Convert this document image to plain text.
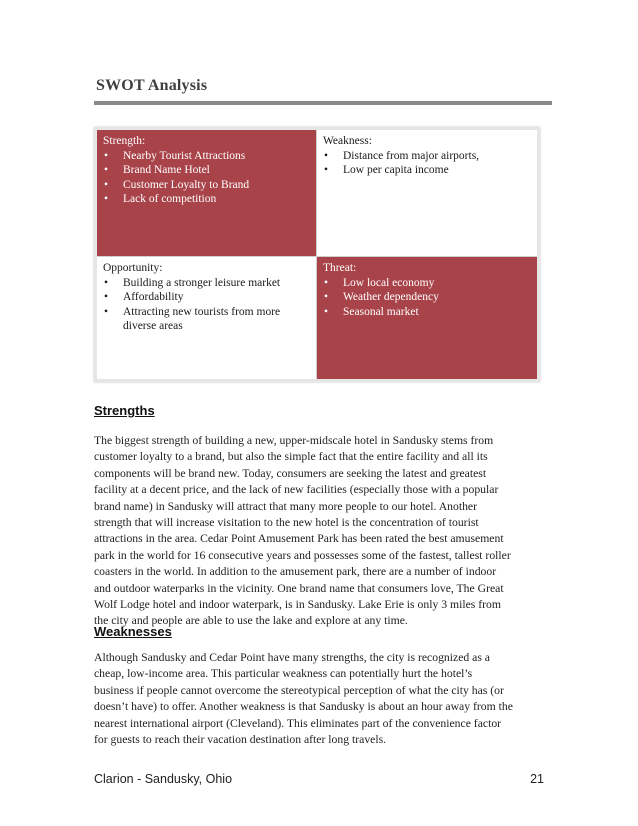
SWOT Analysis
Strength:
• Nearby Tourist Attractions
• Brand Name Hotel
• Customer Loyalty to Brand
• Lack of competition
Weakness:
• Distance from major airports,
• Low per capita income
Opportunity:
• Building a stronger leisure market
• Affordability
• Attracting new tourists from more diverse areas
Threat:
• Low local economy
• Weather dependency
• Seasonal market
Strengths

The biggest strength of building a new, upper-midscale hotel in Sandusky stems from

customer loyalty to a brand, but also the simple fact that the entire facility and all its

components will be brand new. Today, consumers are seeking the latest and greatest

facility at a decent price, and the lack of new facilities (especially those with a popular

brand name) in Sandusky will attract that many more people to our hotel. Another

strength that will increase visitation to the new hotel is the concentration of tourist

attractions in the area. Cedar Point Amusement Park has been rated the best amusement

park in the world for 16 consecutive years and possesses some of the fastest, tallest roller

coasters in the world. In addition to the amusement park, there are a number of indoor

and outdoor waterparks in the vicinity. One brand name that consumers love, The Great

Wolf Lodge hotel and indoor waterpark, is in Sandusky. Lake Erie is only 3 miles from

the city and people are able to use the lake and explore at any time.

Weaknesses

Although Sandusky and Cedar Point have many strengths, the city is recognized as a

cheap, low-income area. This particular weakness can potentially hurt the hotel’s

business if people cannot overcome the stereotypical perception of what the city has (or

doesn’t have) to offer. Another weakness is that Sandusky is about an hour away from the

nearest international airport (Cleveland). This eliminates part of the convenience factor

for guests to reach their vacation destination after long travels.

Clarion - Sandusky, Ohio	21
